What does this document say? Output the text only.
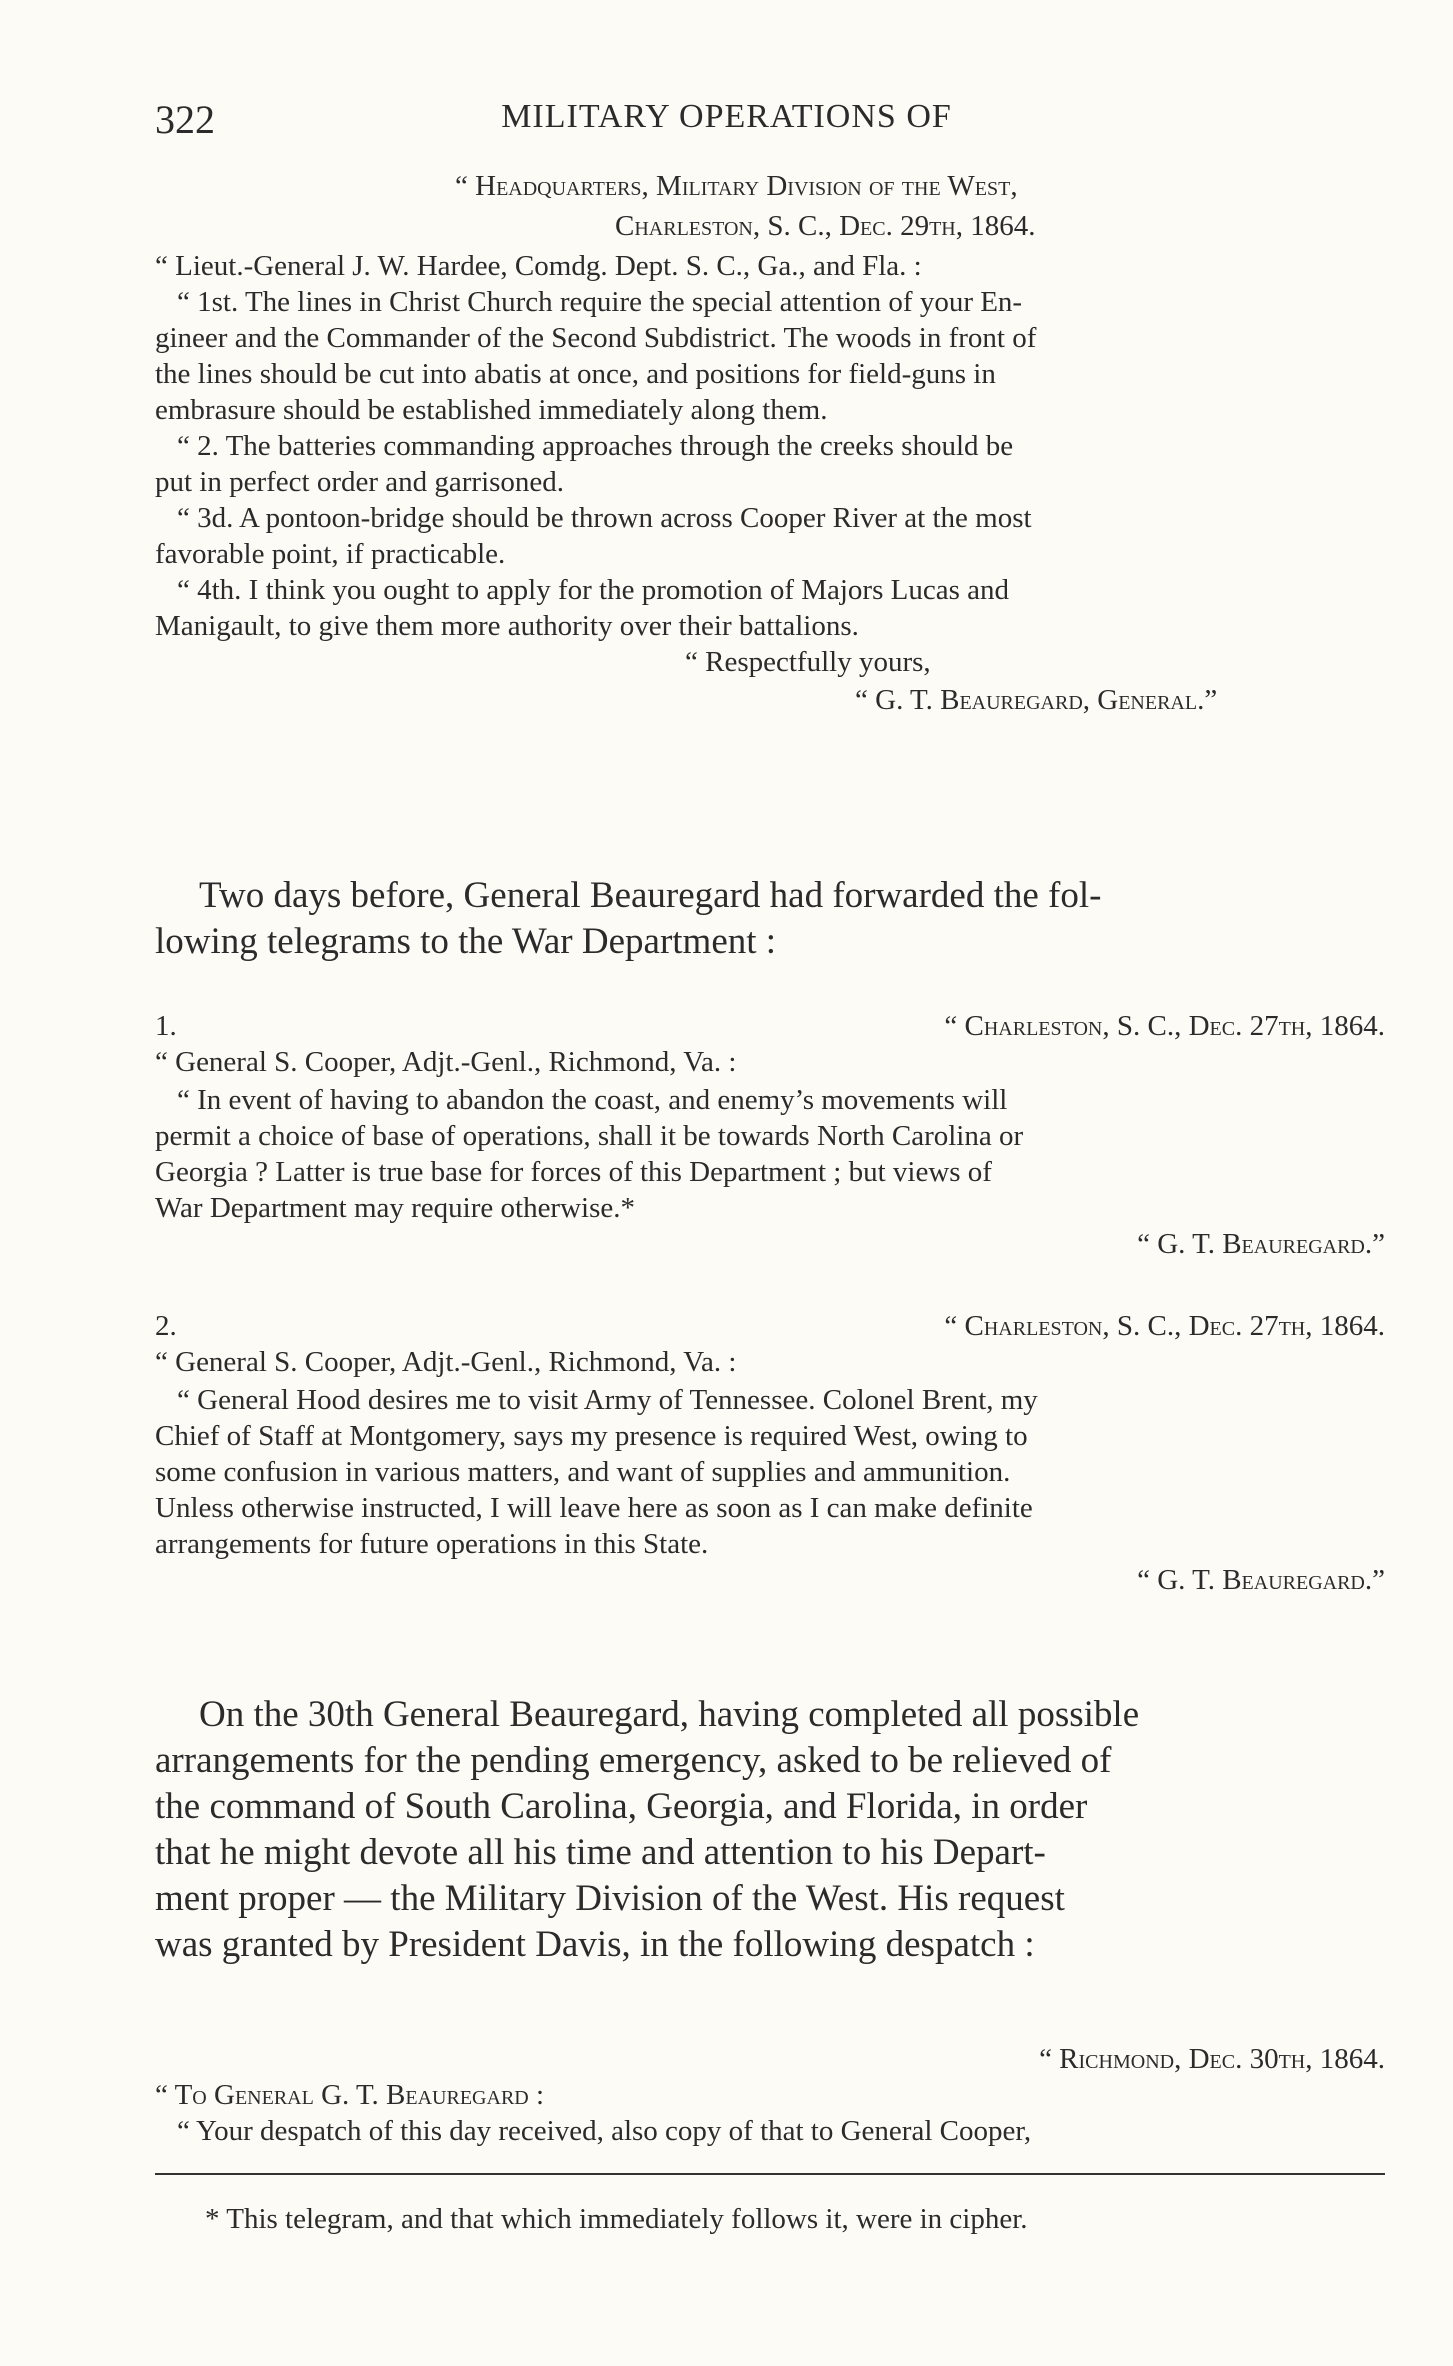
322	MILITARY OPERATIONS OF
“ Headquarters, Military Division of the West,
Charleston, S. C., Dec. 29th, 1864.
“ Lieut.-General J. W. Hardee, Comdg. Dept. S. C., Ga., and Fla. :
“ 1st. The lines in Christ Church require the special attention of your En-
gineer and the Commander of the Second Subdistrict. The woods in front of
the lines should be cut into abatis at once, and positions for field-guns in
embrasure should be established immediately along them.
“ 2. The batteries commanding approaches through the creeks should be
put in perfect order and garrisoned.
“ 3d. A pontoon-bridge should be thrown across Cooper River at the most
favorable point, if practicable.
“ 4th. I think you ought to apply for the promotion of Majors Lucas and
Manigault, to give them more authority over their battalions.
“ Respectfully yours,
“ G. T. Beauregard, General.”
Two days before, General Beauregard had forwarded the fol-
lowing telegrams to the War Department :
1.	“ Charleston, S. C., Dec. 27th, 1864.
“ General S. Cooper, Adjt.-Genl., Richmond, Va. :
“ In event of having to abandon the coast, and enemy’s movements will
permit a choice of base of operations, shall it be towards North Carolina or
Georgia ? Latter is true base for forces of this Department ; but views of
War Department may require otherwise.*
“ G. T. Beauregard.”
2.	“ Charleston, S. C., Dec. 27th, 1864.
“ General S. Cooper, Adjt.-Genl., Richmond, Va. :
“ General Hood desires me to visit Army of Tennessee. Colonel Brent, my
Chief of Staff at Montgomery, says my presence is required West, owing to
some confusion in various matters, and want of supplies and ammunition.
Unless otherwise instructed, I will leave here as soon as I can make definite
arrangements for future operations in this State.
“ G. T. Beauregard.”
On the 30th General Beauregard, having completed all possible
arrangements for the pending emergency, asked to be relieved of
the command of South Carolina, Georgia, and Florida, in order
that he might devote all his time and attention to his Depart-
ment proper — the Military Division of the West. His request
was granted by President Davis, in the following despatch :
“ Richmond, Dec. 30th, 1864.
“ To General G. T. Beauregard :
“ Your despatch of this day received, also copy of that to General Cooper,
* This telegram, and that which immediately follows it, were in cipher.
